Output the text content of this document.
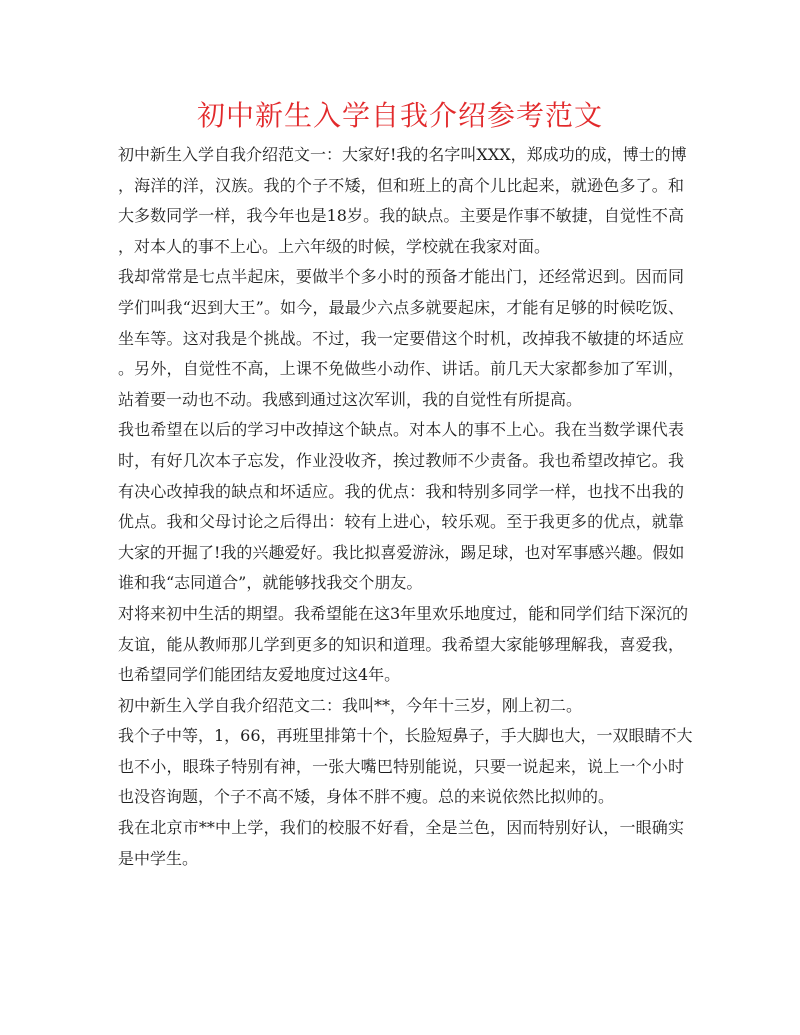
初中新生入学自我介绍参考范文
初中新生入学自我介绍范文一：大家好!我的名字叫XXX，郑成功的成，博士的博
，海洋的洋，汉族。我的个子不矮，但和班上的高个儿比起来，就逊色多了。和
大多数同学一样，我今年也是18岁。我的缺点。主要是作事不敏捷，自觉性不高
，对本人的事不上心。上六年级的时候，学校就在我家对面。
我却常常是七点半起床，要做半个多小时的预备才能出门，还经常迟到。因而同
学们叫我“迟到大王”。如今，最最少六点多就要起床，才能有足够的时候吃饭、
坐车等。这对我是个挑战。不过，我一定要借这个时机，改掉我不敏捷的坏适应
。另外，自觉性不高，上课不免做些小动作、讲话。前几天大家都参加了军训，
站着要一动也不动。我感到通过这次军训，我的自觉性有所提高。
我也希望在以后的学习中改掉这个缺点。对本人的事不上心。我在当数学课代表
时，有好几次本子忘发，作业没收齐，挨过教师不少责备。我也希望改掉它。我
有决心改掉我的缺点和坏适应。我的优点：我和特别多同学一样，也找不出我的
优点。我和父母讨论之后得出：较有上进心，较乐观。至于我更多的优点，就靠
大家的开掘了!我的兴趣爱好。我比拟喜爱游泳，踢足球，也对军事感兴趣。假如
谁和我“志同道合”，就能够找我交个朋友。
对将来初中生活的期望。我希望能在这3年里欢乐地度过，能和同学们结下深沉的
友谊，能从教师那儿学到更多的知识和道理。我希望大家能够理解我，喜爱我，
也希望同学们能团结友爱地度过这4年。
初中新生入学自我介绍范文二：我叫**，今年十三岁，刚上初二。
我个子中等，1，66，再班里排第十个，长脸短鼻子，手大脚也大，一双眼睛不大
也不小，眼珠子特别有神，一张大嘴巴特别能说，只要一说起来，说上一个小时
也没咨询题，个子不高不矮，身体不胖不瘦。总的来说依然比拟帅的。
我在北京市**中上学，我们的校服不好看，全是兰色，因而特别好认，一眼确实
是中学生。
